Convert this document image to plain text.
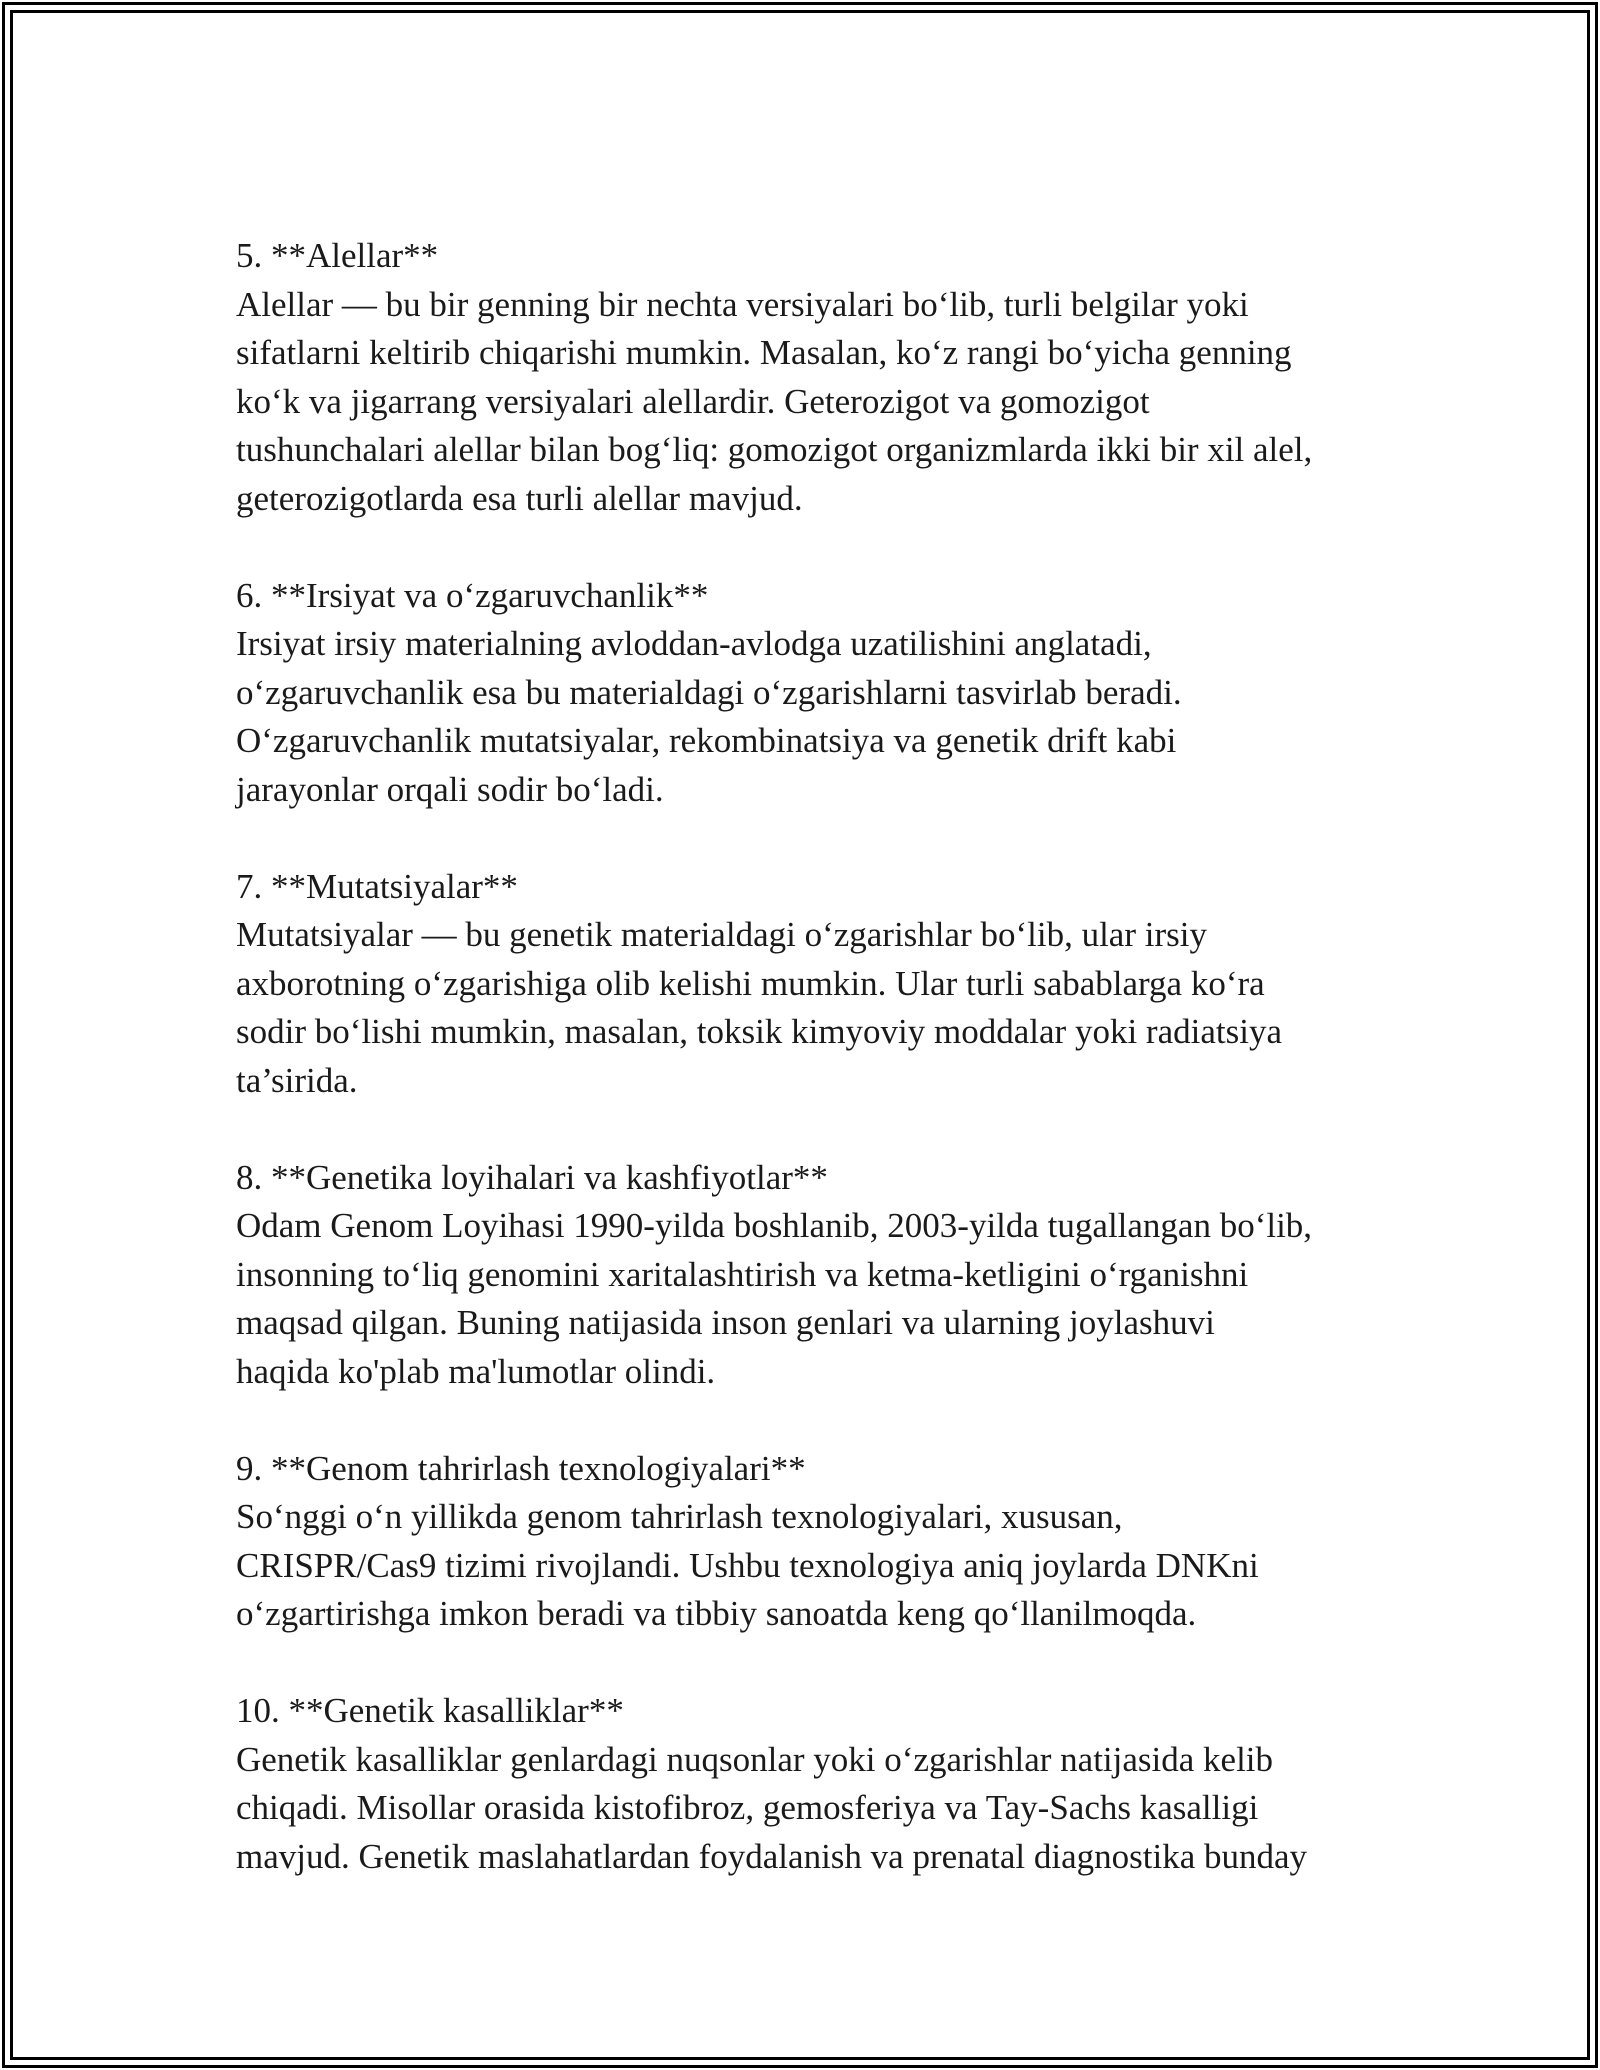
5. **Alellar**
Alellar — bu bir genning bir nechta versiyalari bo‘lib, turli belgilar yoki
sifatlarni keltirib chiqarishi mumkin. Masalan, ko‘z rangi bo‘yicha genning
ko‘k va jigarrang versiyalari alellardir. Geterozigot va gomozigot
tushunchalari alellar bilan bog‘liq: gomozigot organizmlarda ikki bir xil alel,
geterozigotlarda esa turli alellar mavjud.
6. **Irsiyat va o‘zgaruvchanlik**
Irsiyat irsiy materialning avloddan-avlodga uzatilishini anglatadi,
o‘zgaruvchanlik esa bu materialdagi o‘zgarishlarni tasvirlab beradi.
O‘zgaruvchanlik mutatsiyalar, rekombinatsiya va genetik drift kabi
jarayonlar orqali sodir bo‘ladi.
7. **Mutatsiyalar**
Mutatsiyalar — bu genetik materialdagi o‘zgarishlar bo‘lib, ular irsiy
axborotning o‘zgarishiga olib kelishi mumkin. Ular turli sabablarga ko‘ra
sodir bo‘lishi mumkin, masalan, toksik kimyoviy moddalar yoki radiatsiya
ta’sirida.
8. **Genetika loyihalari va kashfiyotlar**
Odam Genom Loyihasi 1990-yilda boshlanib, 2003-yilda tugallangan bo‘lib,
insonning to‘liq genomini xaritalashtirish va ketma-ketligini o‘rganishni
maqsad qilgan. Buning natijasida inson genlari va ularning joylashuvi
haqida ko'plab ma'lumotlar olindi.
9. **Genom tahrirlash texnologiyalari**
So‘nggi o‘n yillikda genom tahrirlash texnologiyalari, xususan,
CRISPR/Cas9 tizimi rivojlandi. Ushbu texnologiya aniq joylarda DNKni
o‘zgartirishga imkon beradi va tibbiy sanoatda keng qo‘llanilmoqda.
10. **Genetik kasalliklar**
Genetik kasalliklar genlardagi nuqsonlar yoki o‘zgarishlar natijasida kelib
chiqadi. Misollar orasida kistofibroz, gemosferiya va Tay-Sachs kasalligi
mavjud. Genetik maslahatlardan foydalanish va prenatal diagnostika bunday
